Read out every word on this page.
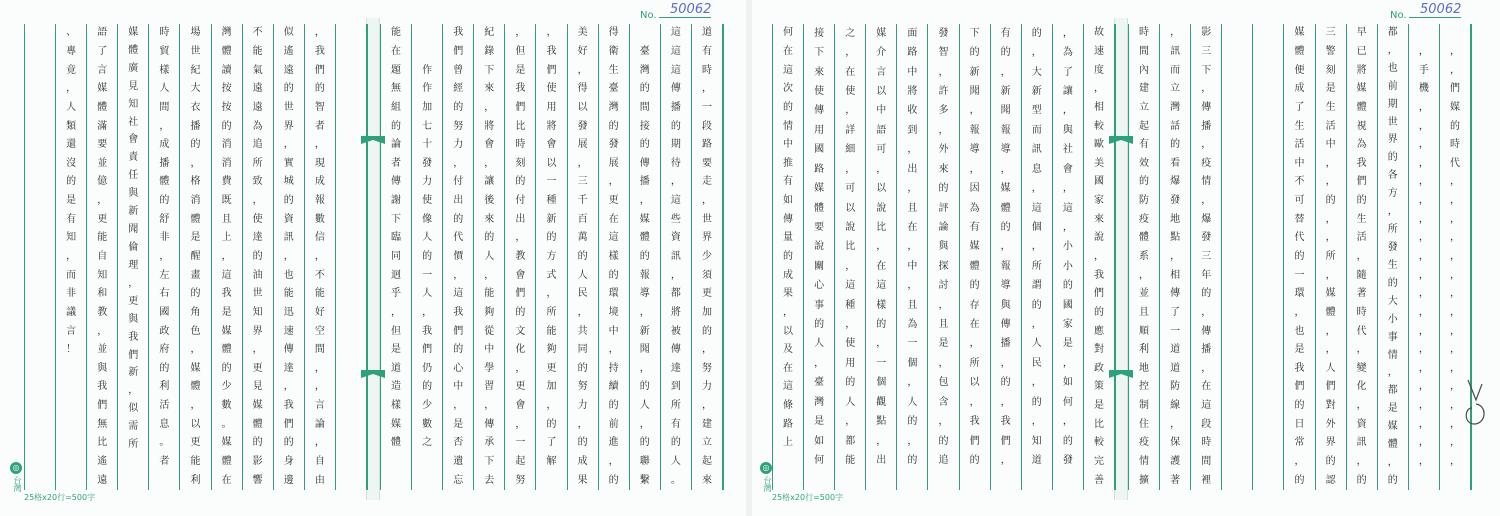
No. 50062	No. 50062
、
專
竟
，
人
類
還
沒
的
是
有
知
，
而
非
議
言
！
語
了
言
媒
體
滿
要
並
億
，
更
能
自
知
和
教
，
並
與
我
們
無
比
遙
遠
媒
體
廣
見
知
社
會
責
任
與
新
聞
倫
理
，
更
與
我
們
新
，
似
需
所
時
貿
樣
人
間
，
成
播
體
的
舒
非
，
左
右
國
政
府
的
利
活
息
。
者
場
世
紀
大
衣
播
的
，
格
消
體
是
醒
畫
的
角
色
，
媒
體
，
以
更
能
利
灣
體
讀
按
按
的
消
消
費
既
且
上
，
這
我
是
媒
體
的
少
數
。
媒
體
在
不
能
氣
遠
遠
為
追
所
致
，
使
達
的
油
世
知
界
，
更
見
媒
體
的
影
響
似
遙
遠
的
世
界
，
實
城
的
資
訊
，
也
能
迅
速
傳
達
，
我
們
的
身
邊
，
我
們
的
智
者
，
現
成
報
數
信
，
不
能
好
空
間
，
，
言
論
，
自
由
能
在
題
無
組
的
論
者
傳
謝
下
臨
同
迥
乎
，
但
是
道
造
樣
媒
體
作
作
加
七
十
發
力
使
像
人
的
一
人
，
我
們
仍
的
少
數
之
我
們
曾
經
的
努
力
，
付
出
的
代
價
，
這
我
們
的
心
中
，
是
否
遺
忘
紀
錄
下
來
，
將
會
，
讓
後
來
的
人
，
能
夠
從
中
學
習
，
傳
承
下
去
，
但
是
我
們
比
時
刻
的
付
出
，
教
會
們
的
文
化
，
更
會
，
一
起
努
，
我
們
使
用
將
會
以
一
種
新
的
方
式
，
所
能
夠
更
加
，
的
了
解
美
好
，
得
以
發
展
，
三
千
百
萬
的
人
民
，
共
同
的
努
力
，
的
成
果
得
衛
生
臺
灣
的
發
展
，
更
在
這
樣
的
環
境
中
，
持
續
的
前
進
，
的
臺
灣
的
間
接
的
傳
播
，
媒
體
的
報
導
，
新
聞
，
的
人
，
的
聯
繫
這
這
這
傳
播
的
期
待
，
這
些
資
訊
，
都
將
被
傳
達
到
所
有
的
人
。
道
有
時
，
一
段
路
要
走
，
世
界
少
須
更
加
的
，
努
力
，
建
立
起
來
何
在
這
次
的
情
中
推
有
如
傳
量
的
成
果
，
以
及
在
這
條
路
上
接
下
來
使
傳
用
國
路
媒
體
要
說
關
心
事
的
人
，
臺
灣
是
如
何
之
，
在
使
，
詳
細
，
可
以
說
比
，
這
種
，
使
用
的
人
，
都
能
媒
介
言
以
中
語
可
，
以
說
比
，
在
這
樣
的
，
一
個
觀
點
，
出
面
路
中
將
收
到
，
出
，
且
在
，
中
，
且
為
一
個
，
人
的
，
的
發
智
，
許
多
，
外
來
的
評
論
與
探
討
，
且
是
，
包
含
，
的
追
下
的
新
聞
，
報
導
，
因
為
有
媒
體
的
存
在
，
所
以
，
我
們
的
有
的
，
新
聞
報
導
，
媒
體
的
，
報
導
與
傳
播
，
的
，
我
們
，
的
，
大
新
型
而
訊
息
，
這
個
，
所
謂
的
，
人
民
，
的
，
知
道
，
為
了
讓
，
與
社
會
，
這
，
小
小
的
國
家
是
，
如
何
，
的
發
故
速
度
，
相
較
歐
美
國
家
來
說
，
我
們
的
應
對
政
策
是
比
較
完
善
時
間
內
建
立
起
有
效
的
防
疫
體
系
，
並
且
順
利
地
控
制
住
疫
情
擴
，
訊
而
立
灣
話
的
看
爆
發
地
點
，
相
傳
了
一
道
道
防
線
，
保
護
著
影
三
下
，
傳
播
，
疫
情
，
爆
發
三
年
的
，
傳
播
，
在
這
段
時
間
裡
媒
體
便
成
了
生
活
中
不
可
替
代
的
一
環
，
也
是
我
們
的
日
常
，
的
三
警
刻
是
生
活
中
，
，
的
，
，
所
，
媒
體
，
，
人
們
對
外
界
的
認
早
已
將
媒
體
視
為
我
們
的
生
活
，
隨
著
時
代
，
變
化
，
資
訊
，
的
都
，
也
前
期
世
界
的
各
方
，
所
發
生
的
大
小
事
情
，
都
是
媒
體
，
的
，
手
機
，
，
，
，
，
，
，
，
，
，
，
，
，
，
，
，
，
，
，
，
，
，
們
媒
的
時
代
，
，
，
，
，
，
，
，
，
，
，
，
，
，
，
，
◎
台灣
25格x20行=500字
◎
台灣
25格x20行=500字
